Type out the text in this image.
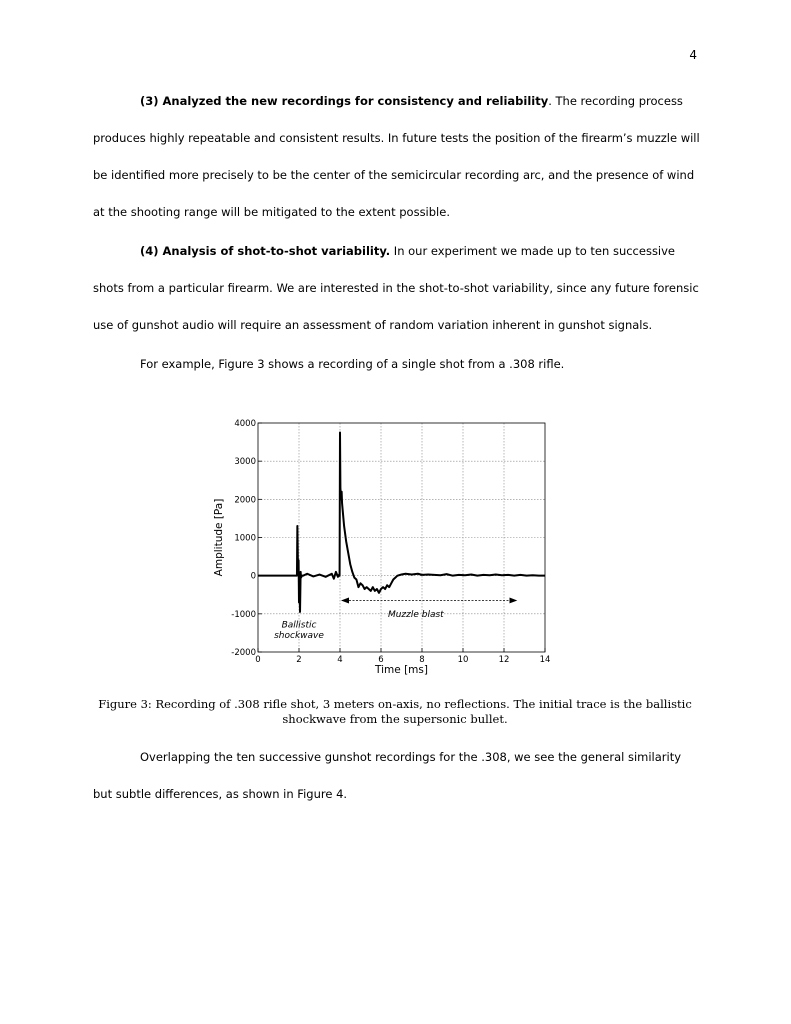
4

(3) Analyzed the new recordings for consistency and reliability. The recording process produces highly repeatable and consistent results. In future tests the position of the firearm’s muzzle will be identified more precisely to be the center of the semicircular recording arc, and the presence of wind at the shooting range will be mitigated to the extent possible.

(4) Analysis of shot-to-shot variability. In our experiment we made up to ten successive shots from a particular firearm. We are interested in the shot-to-shot variability, since any future forensic use of gunshot audio will require an assessment of random variation inherent in gunshot signals.

For example, Figure 3 shows a recording of a single shot from a .308 rifle.

0	2	4	6	8	10	12	14
-2000
-1000
0
1000
2000
3000
4000
Muzzle blast
Ballistic
shockwave
Time [ms]
Amplitude [Pa]

Figure 3: Recording of .308 rifle shot, 3 meters on-axis, no reflections. The initial trace is the ballistic shockwave from the supersonic bullet.

Overlapping the ten successive gunshot recordings for the .308, we see the general similarity but subtle differences, as shown in Figure 4.
